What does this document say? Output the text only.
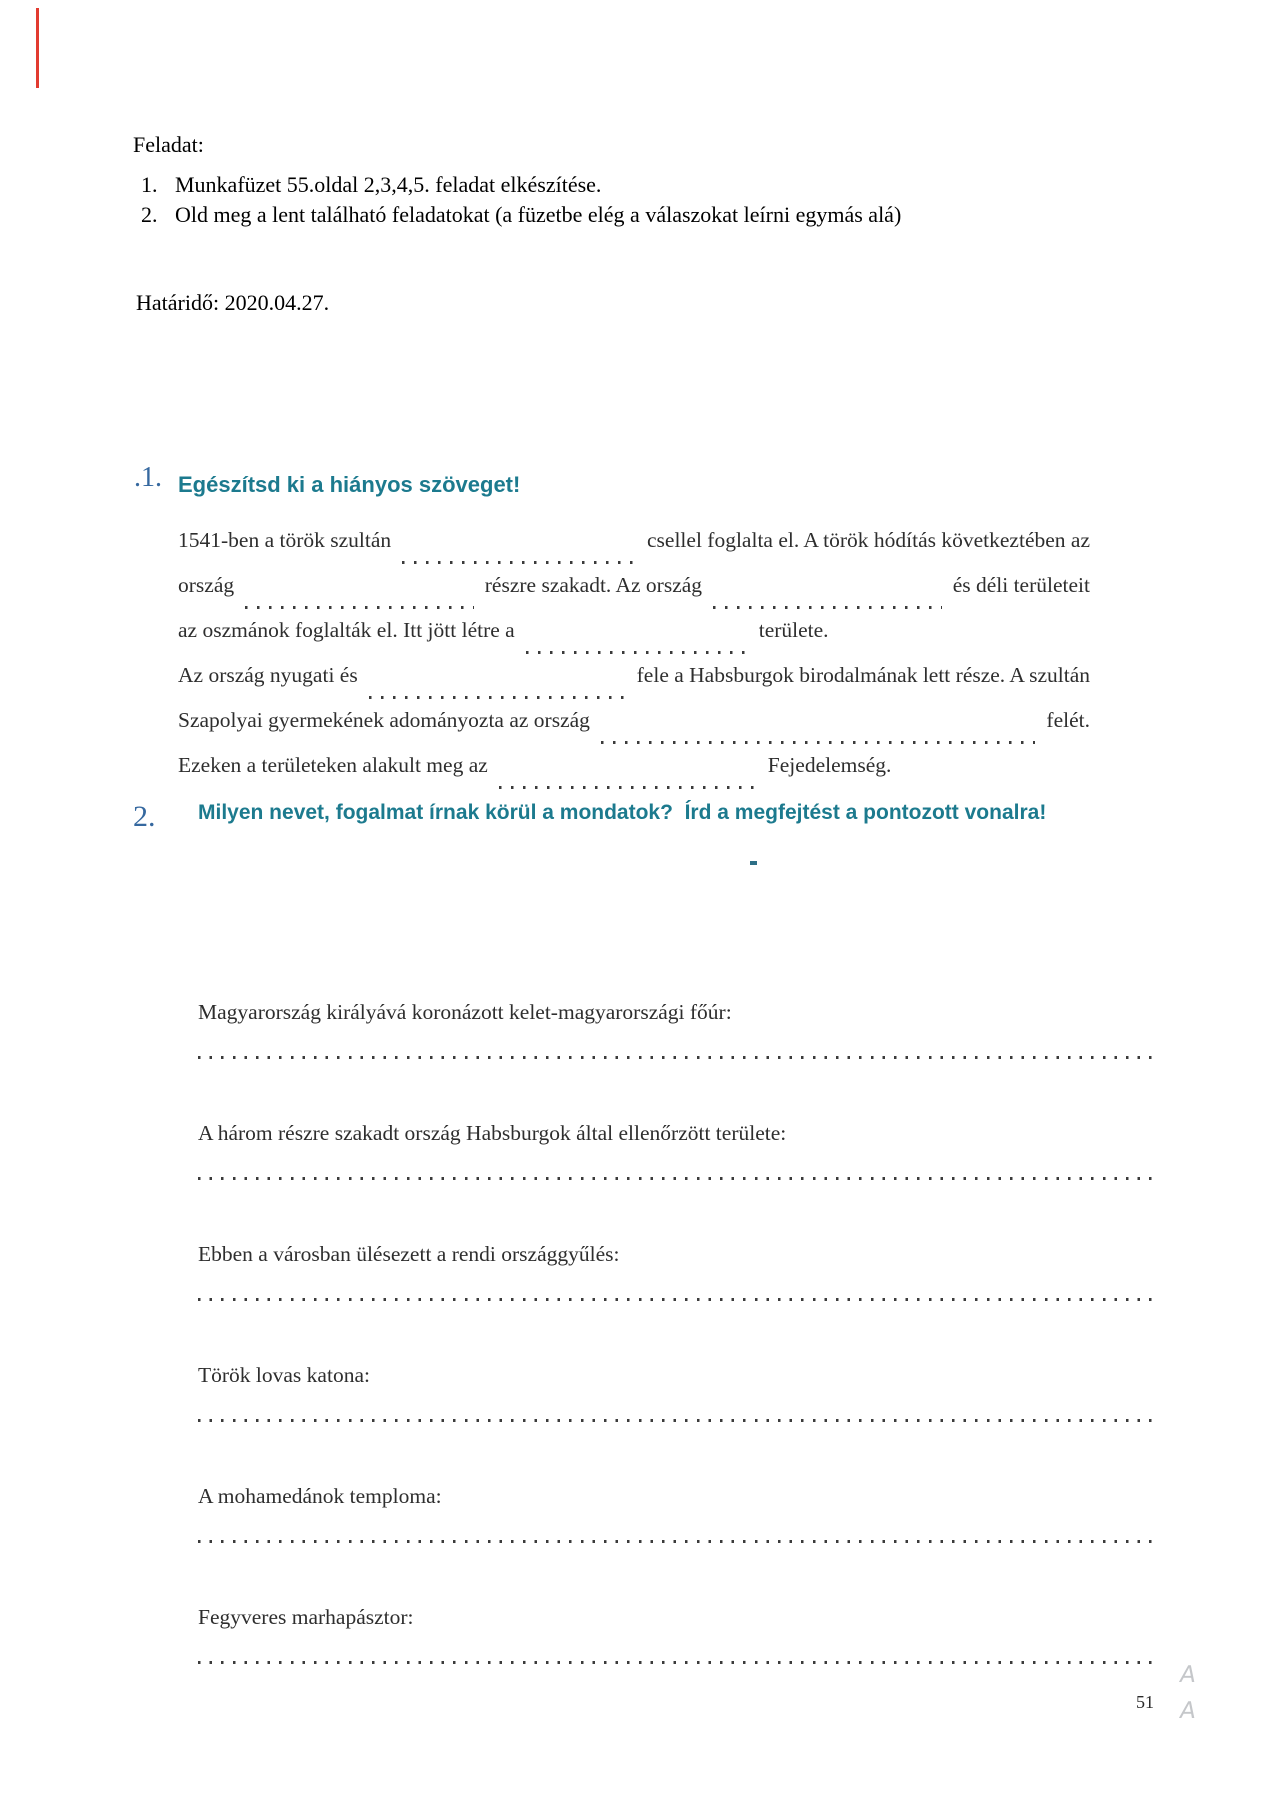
Feladat:
1. Munkafüzet 55.oldal 2,3,4,5. feladat elkészítése.
2. Old meg a lent található feladatokat (a füzetbe elég a válaszokat leírni egymás alá)
Határidő: 2020.04.27.
.1. Egészítsd ki a hiányos szöveget!
1541-ben a török szultán	csellel foglalta el. A török hódítás következtében az
ország	részre szakadt. Az ország	és déli területeit
az oszmánok foglalták el. Itt jött létre a	területe.
Az ország nyugati és	fele a Habsburgok birodalmának lett része. A szultán
Szapolyai gyermekének adományozta az ország	felét.
Ezeken a területeken alakult meg az	Fejedelemség.
2. Milyen nevet, fogalmat írnak körül a mondatok?  Írd a megfejtést a pontozott vonalra!
Magyarország királyává koronázott kelet-magyarországi főúr:
A három részre szakadt ország Habsburgok által ellenőrzött területe:
Ebben a városban ülésezett a rendi országgyűlés:
Török lovas katona:
A mohamedánok temploma:
Fegyveres marhapásztor:
51
A
A
